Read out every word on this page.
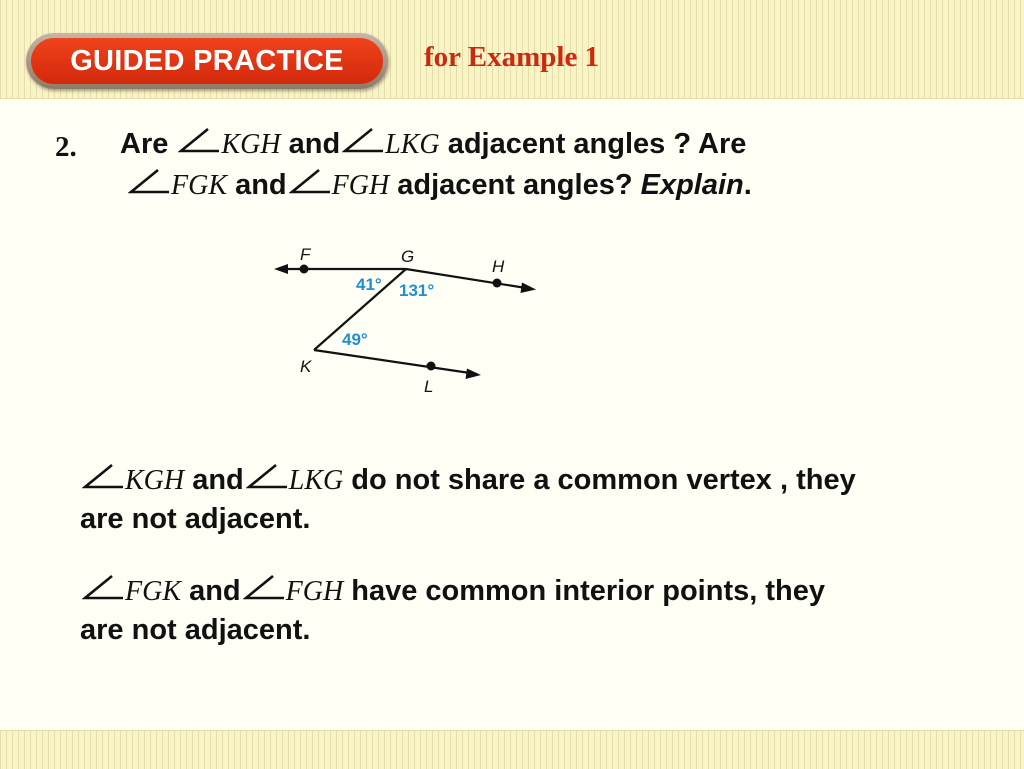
GUIDED PRACTICE	for Example 1
2. Are KGH and LKG adjacent angles ? Are
FGK and FGH adjacent angles? Explain.
F	G
H
K
L
41° 131°
49°
KGH and LKG do not share a common vertex , they
are not adjacent.
FGK and FGH have common interior points, they
are not adjacent.
